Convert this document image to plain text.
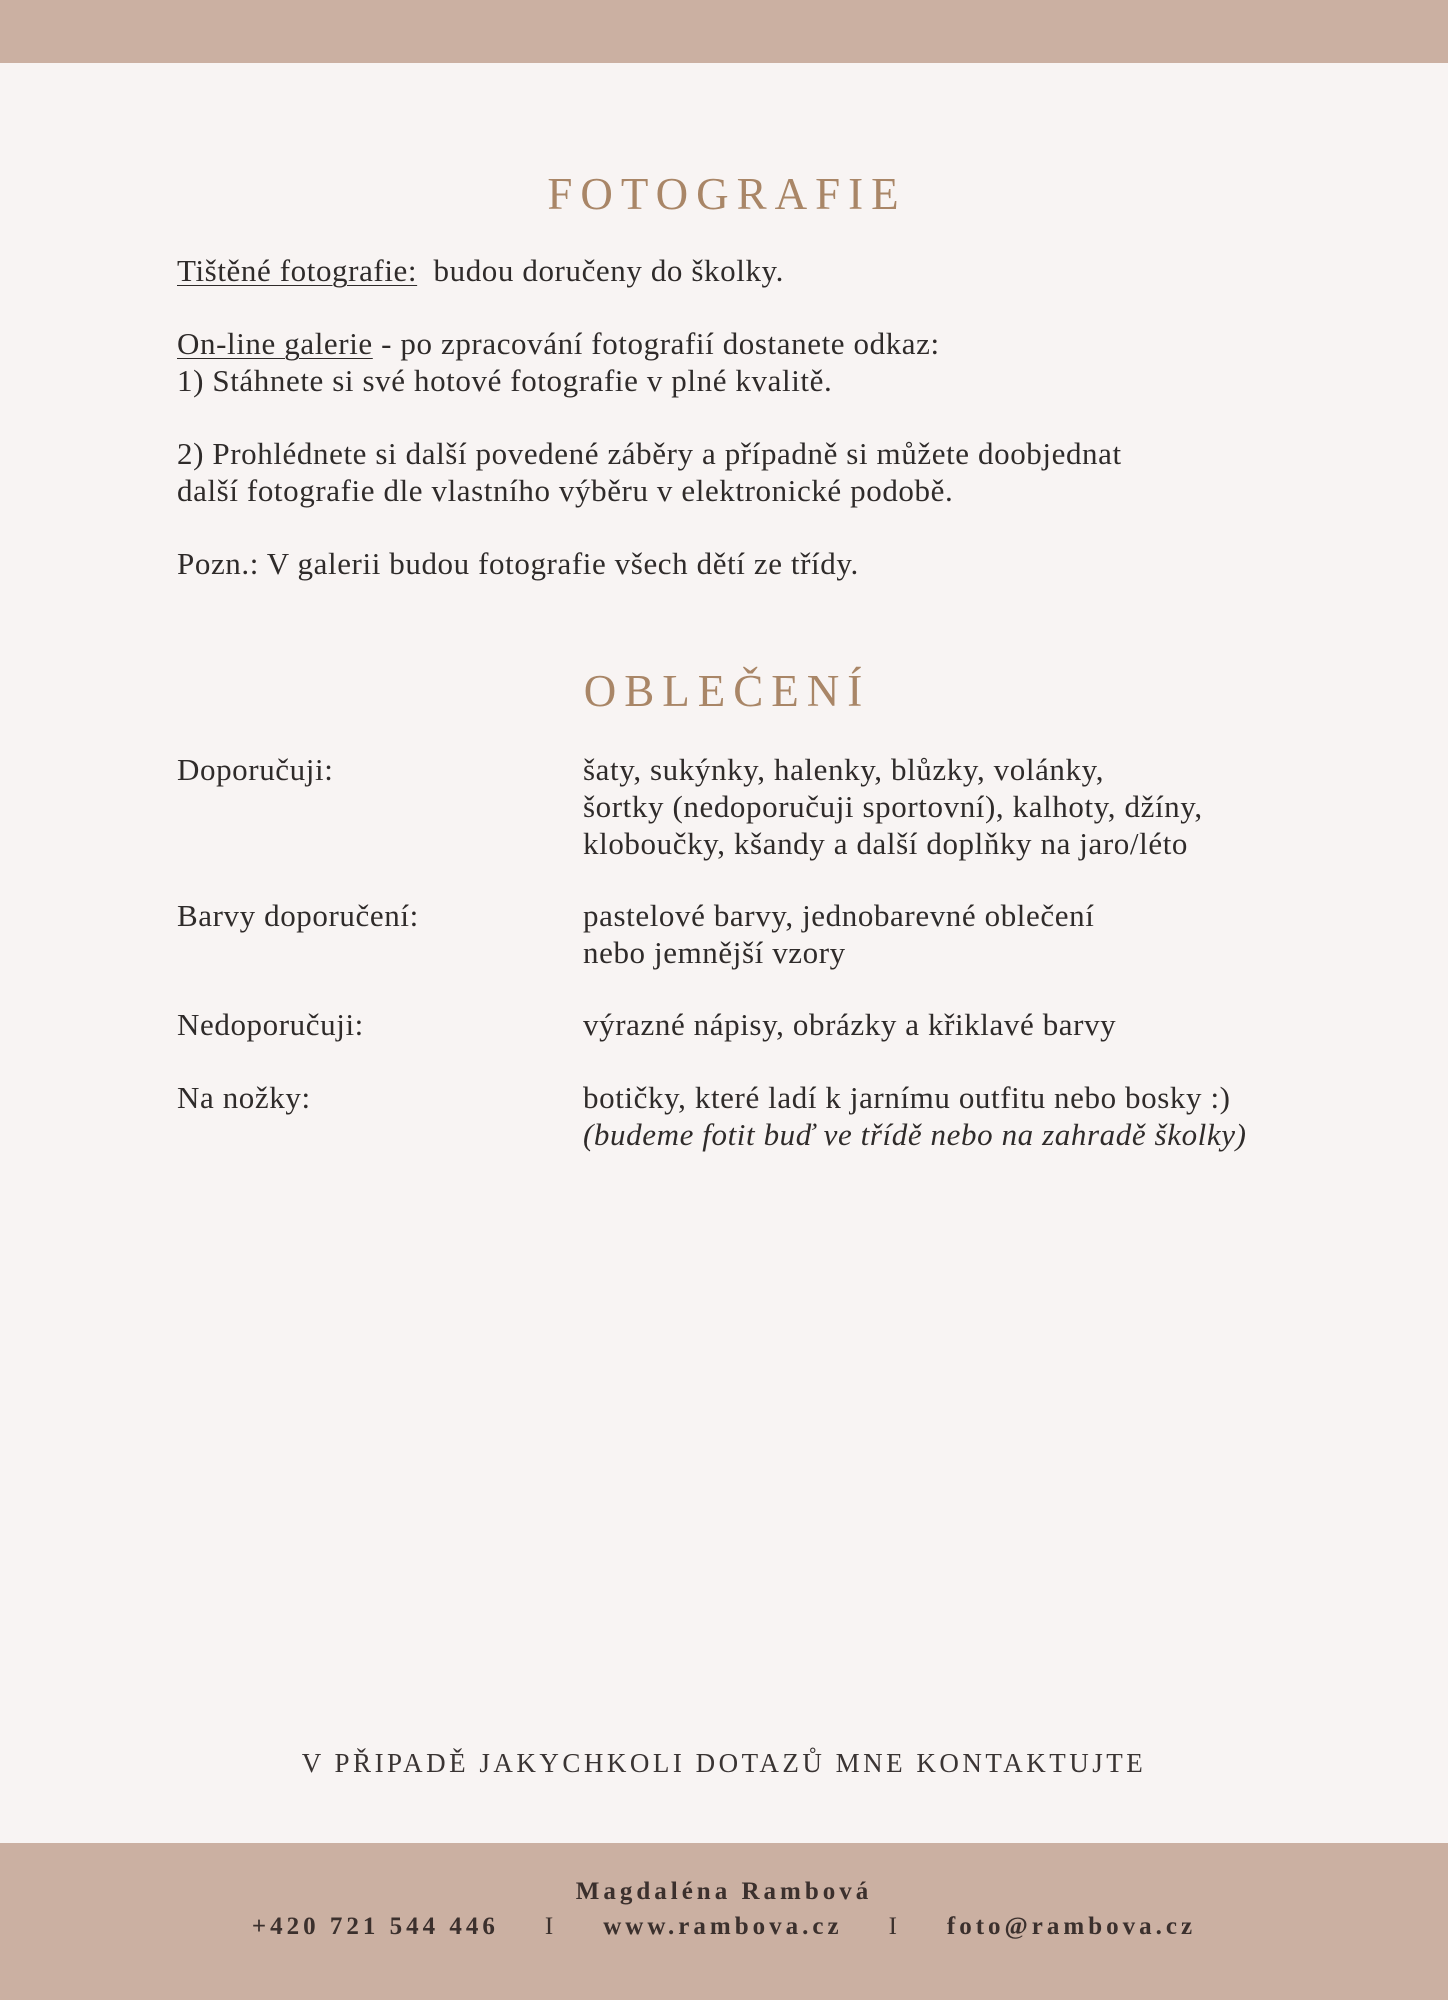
FOTOGRAFIE
Tištěné fotografie: budou doručeny do školky.
On-line galerie - po zpracování fotografií dostanete odkaz:
1) Stáhnete si své hotové fotografie v plné kvalitě.
2) Prohlédnete si další povedené záběry a případně si můžete doobjednat
další fotografie dle vlastního výběru v elektronické podobě.
Pozn.: V galerii budou fotografie všech dětí ze třídy.
OBLEČENÍ
Doporučuji:	šaty, sukýnky, halenky, blůzky, volánky,
šortky (nedoporučuji sportovní), kalhoty, džíny,
kloboučky, kšandy a další doplňky na jaro/léto
Barvy doporučení:	pastelové barvy, jednobarevné oblečení
nebo jemnější vzory
Nedoporučuji:	výrazné nápisy, obrázky a křiklavé barvy
Na nožky:	botičky, které ladí k jarnímu outfitu nebo bosky :)
(budeme fotit buď ve třídě nebo na zahradě školky)
V PŘIPADĚ JAKYCHKOLI DOTAZŮ MNE KONTAKTUJTE
Magdaléna Rambová
+420 721 544 446 I www.rambova.cz I foto@rambova.cz
